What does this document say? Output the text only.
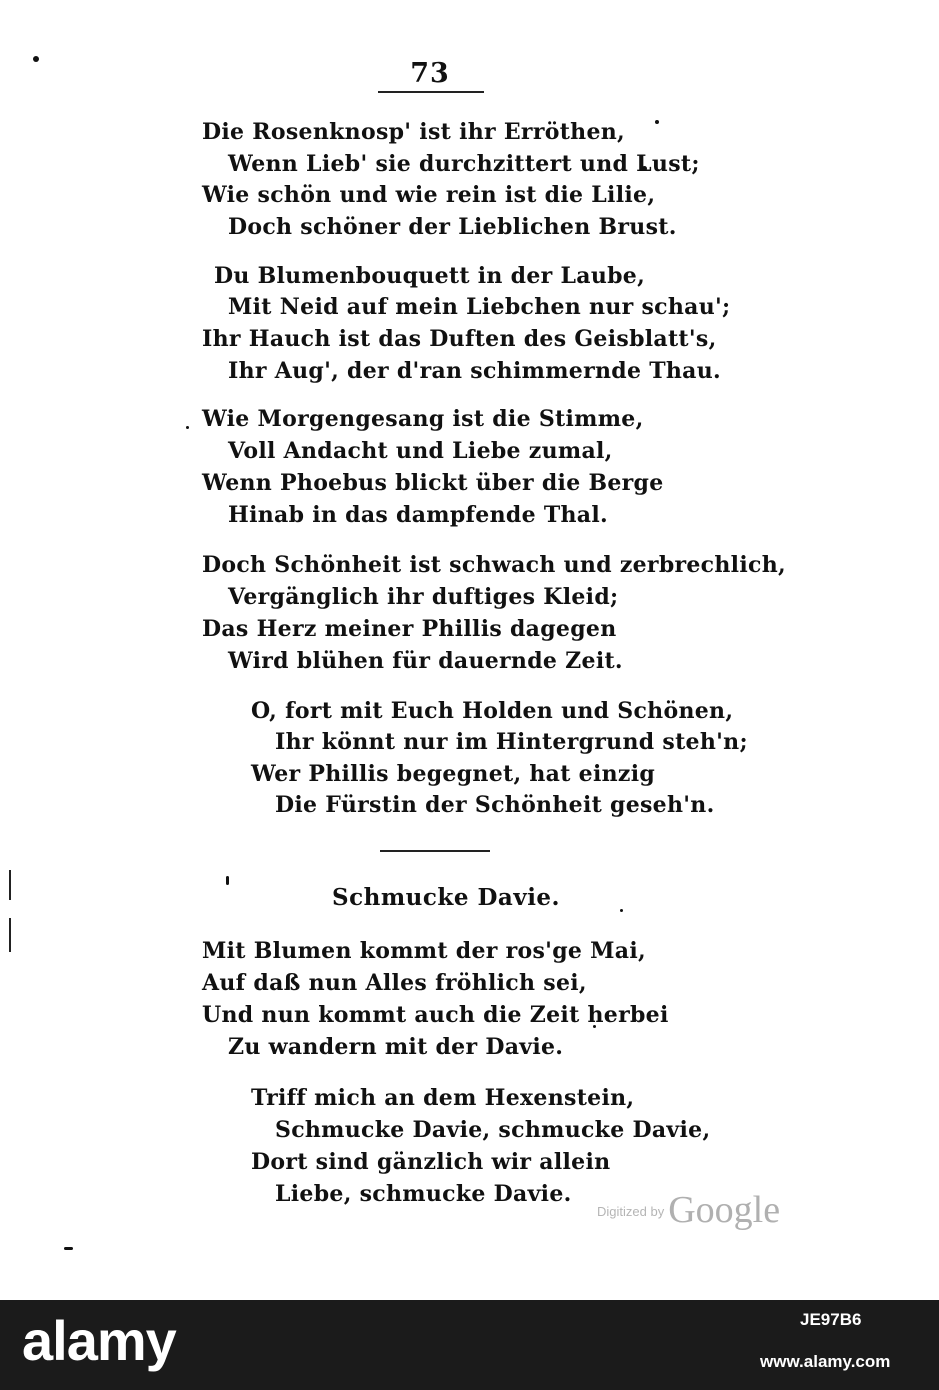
73
Die Rosenknosp' ist ihr Erröthen,
Wenn Lieb' sie durchzittert und Lust;
Wie schön und wie rein ist die Lilie,
Doch schöner der Lieblichen Brust.
Du Blumenbouquett in der Laube,
Mit Neid auf mein Liebchen nur schau';
Ihr Hauch ist das Duften des Geisblatt's,
Ihr Aug', der d'ran schimmernde Thau.
Wie Morgengesang ist die Stimme,
Voll Andacht und Liebe zumal,
Wenn Phoebus blickt über die Berge
Hinab in das dampfende Thal.
Doch Schönheit ist schwach und zerbrechlich,
Vergänglich ihr duftiges Kleid;
Das Herz meiner Phillis dagegen
Wird blühen für dauernde Zeit.
O, fort mit Euch Holden und Schönen,
Ihr könnt nur im Hintergrund steh'n;
Wer Phillis begegnet, hat einzig
Die Fürstin der Schönheit geseh'n.
Schmucke Davie.
Mit Blumen kommt der ros'ge Mai,
Auf daß nun Alles fröhlich sei,
Und nun kommt auch die Zeit herbei
Zu wandern mit der Davie.
Triff mich an dem Hexenstein,
Schmucke Davie, schmucke Davie,
Dort sind gänzlich wir allein
Liebe, schmucke Davie.
$^{Digitized by}$ Google
alamy	JE97B6
www.alamy.com
